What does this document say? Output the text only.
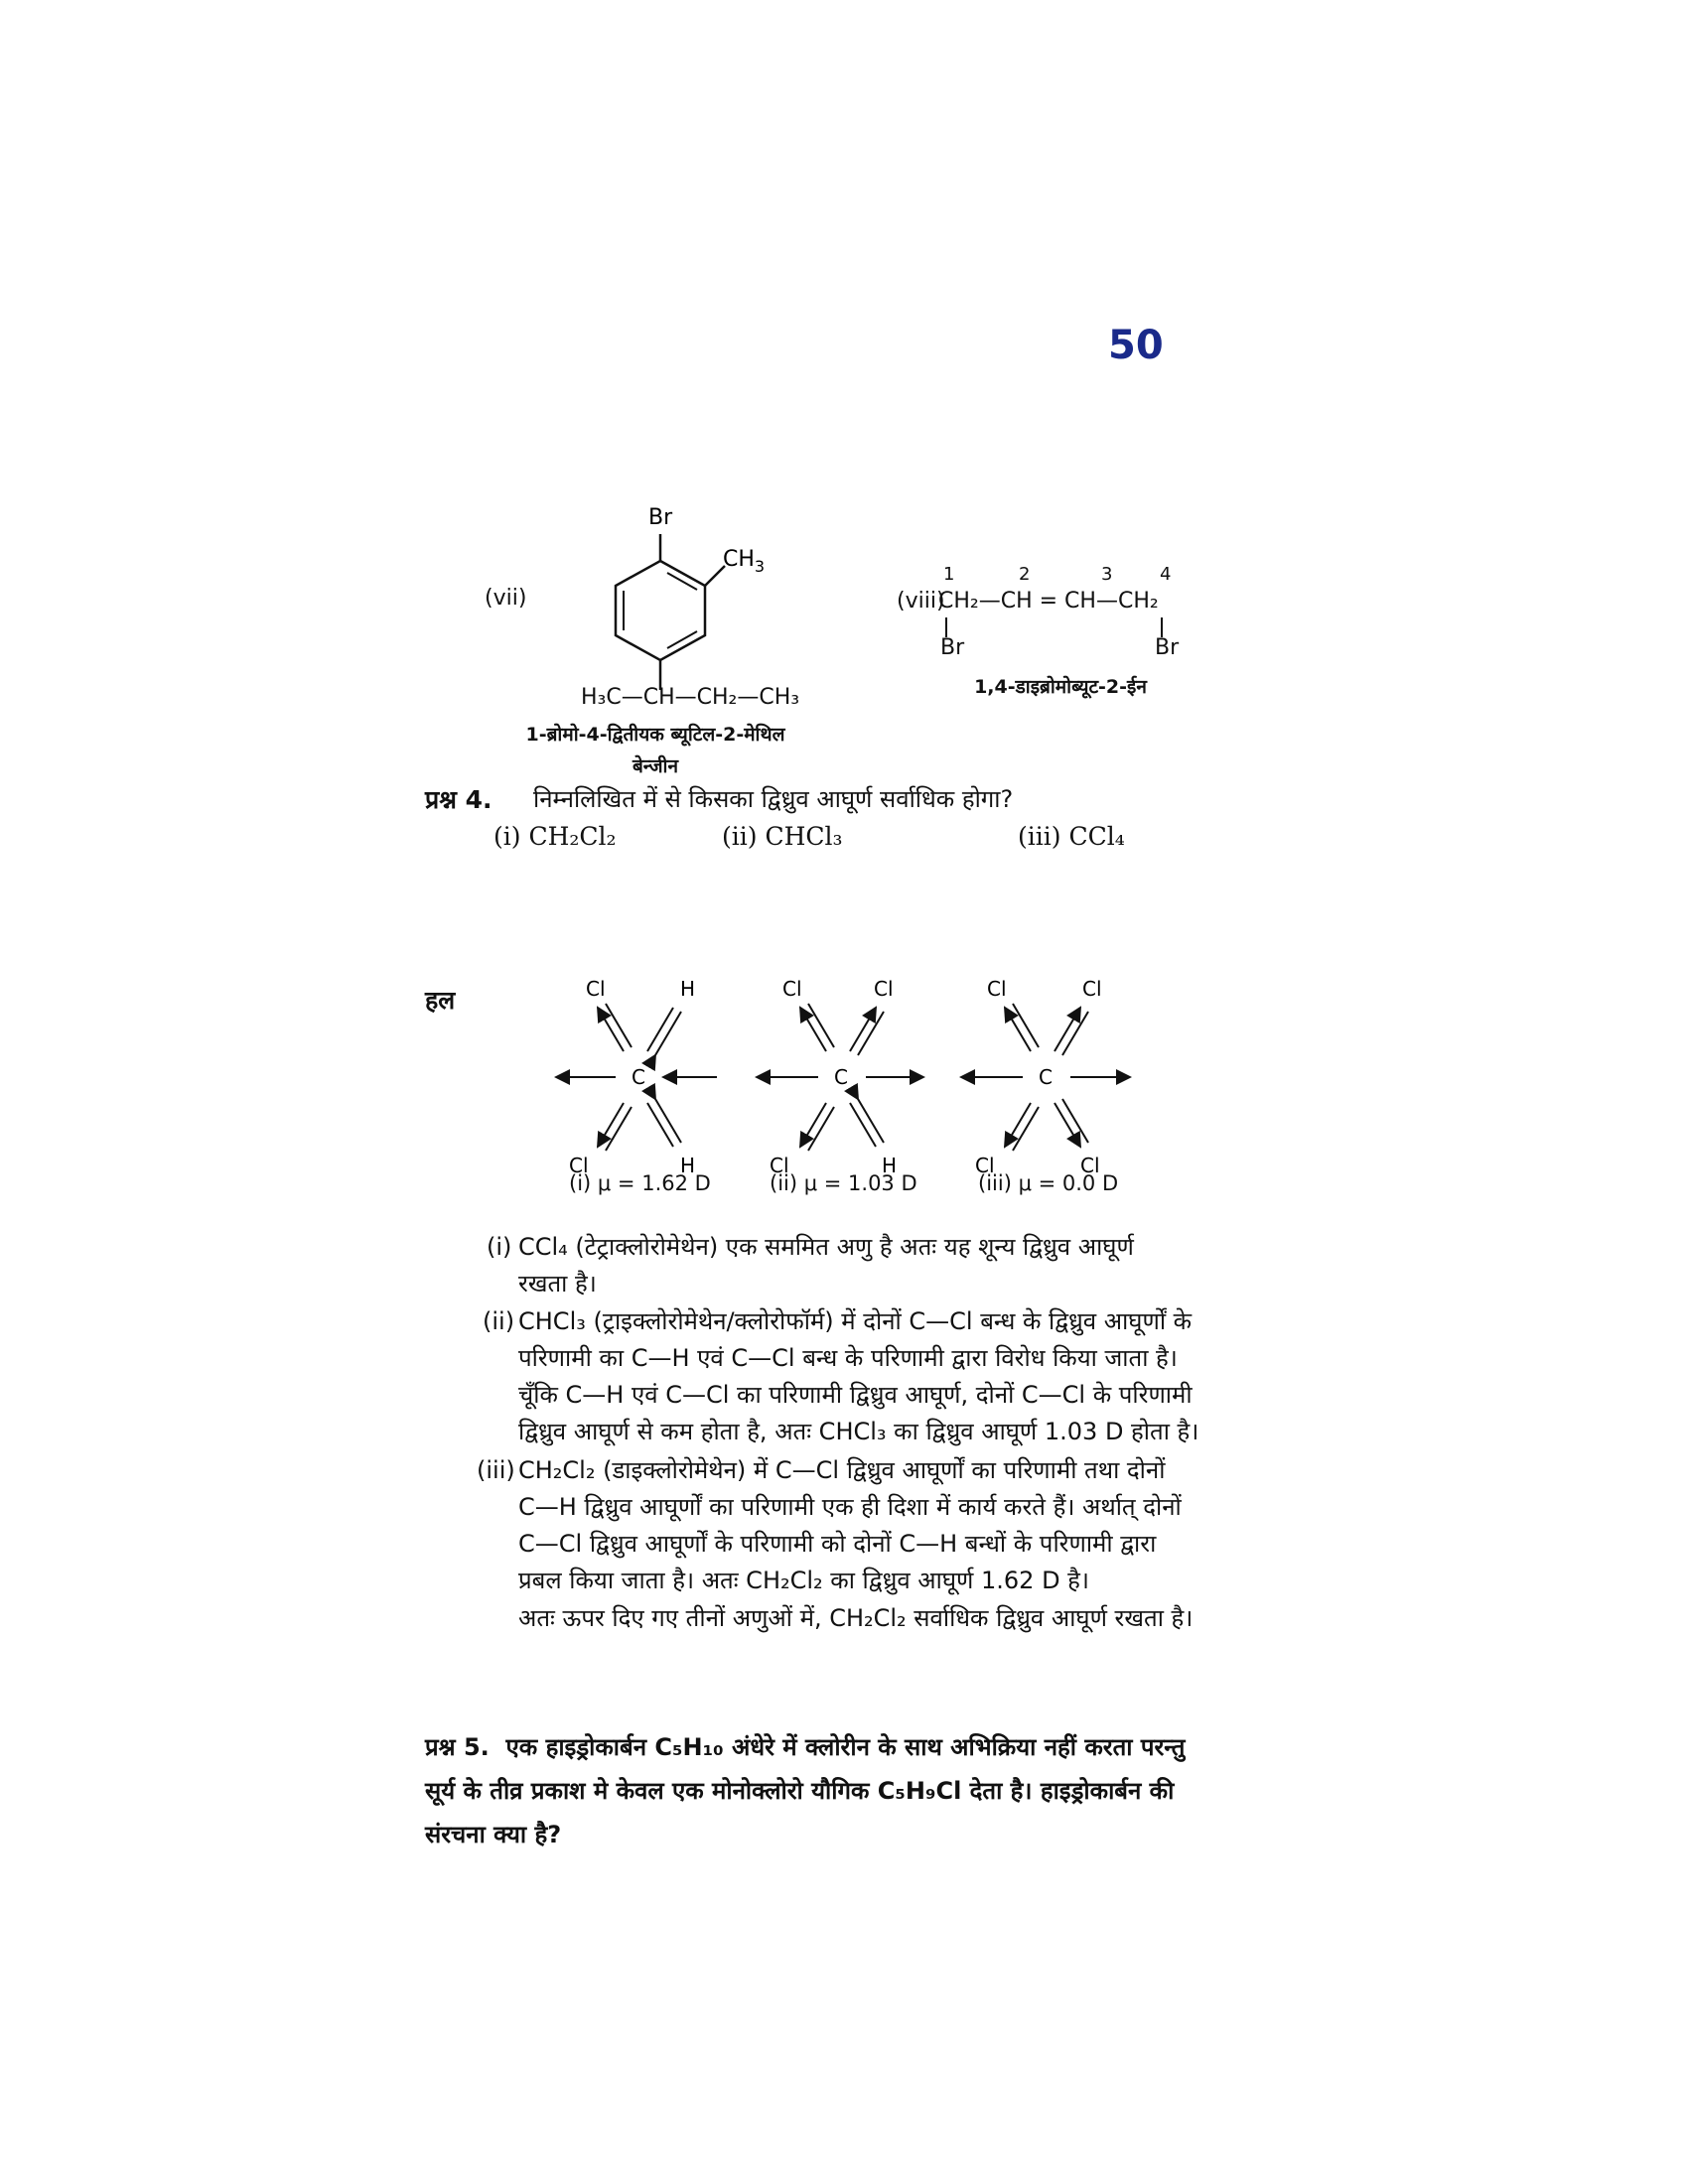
50
(vii)
Br
$CH_3$
H₃C—CH—CH₂—CH₃
1-ब्रोमो-4-द्वितीयक ब्यूटिल-2-मेथिल
बेन्जीन
(viii)
1	2	3	4
CH₂—CH = CH—CH₂
Br	Br
1,4-डाइब्रोमोब्यूट-2-ईन
प्रश्न 4. निम्नलिखित में से किसका द्विध्रुव आघूर्ण सर्वाधिक होगा?
(i) CH₂Cl₂	(ii) CHCl₃	(iii) CCl₄
हल	Cl	H
C
Cl	H
Cl	Cl
C
Cl	H
Cl	Cl
C
Cl	Cl
(i) μ = 1.62 D	(ii) μ = 1.03 D	(iii) μ = 0.0 D
(i) CCl₄ (टेट्राक्लोरोमेथेन) एक सममित अणु है अतः यह शून्य द्विध्रुव आघूर्ण
रखता है।
(ii) CHCl₃ (ट्राइक्लोरोमेथेन/क्लोरोफॉर्म) में दोनों C—Cl बन्ध के द्विध्रुव आघूर्णों के
परिणामी का C—H एवं C—Cl बन्ध के परिणामी द्वारा विरोध किया जाता है।
चूँकि C—H एवं C—Cl का परिणामी द्विध्रुव आघूर्ण, दोनों C—Cl के परिणामी
द्विध्रुव आघूर्ण से कम होता है, अतः CHCl₃ का द्विध्रुव आघूर्ण 1.03 D होता है।
(iii) CH₂Cl₂ (डाइक्लोरोमेथेन) में C—Cl द्विध्रुव आघूर्णों का परिणामी तथा दोनों
C—H द्विध्रुव आघूर्णों का परिणामी एक ही दिशा में कार्य करते हैं। अर्थात् दोनों
C—Cl द्विध्रुव आघूर्णों के परिणामी को दोनों C—H बन्धों के परिणामी द्वारा
प्रबल किया जाता है। अतः CH₂Cl₂ का द्विध्रुव आघूर्ण 1.62 D है।
अतः ऊपर दिए गए तीनों अणुओं में, CH₂Cl₂ सर्वाधिक द्विध्रुव आघूर्ण रखता है।
प्रश्न 5. एक हाइड्रोकार्बन C₅H₁₀ अंधेरे में क्लोरीन के साथ अभिक्रिया नहीं करता परन्तु
सूर्य के तीव्र प्रकाश मे केवल एक मोनोक्लोरो यौगिक C₅H₉Cl देता है। हाइड्रोकार्बन की
संरचना क्या है?
